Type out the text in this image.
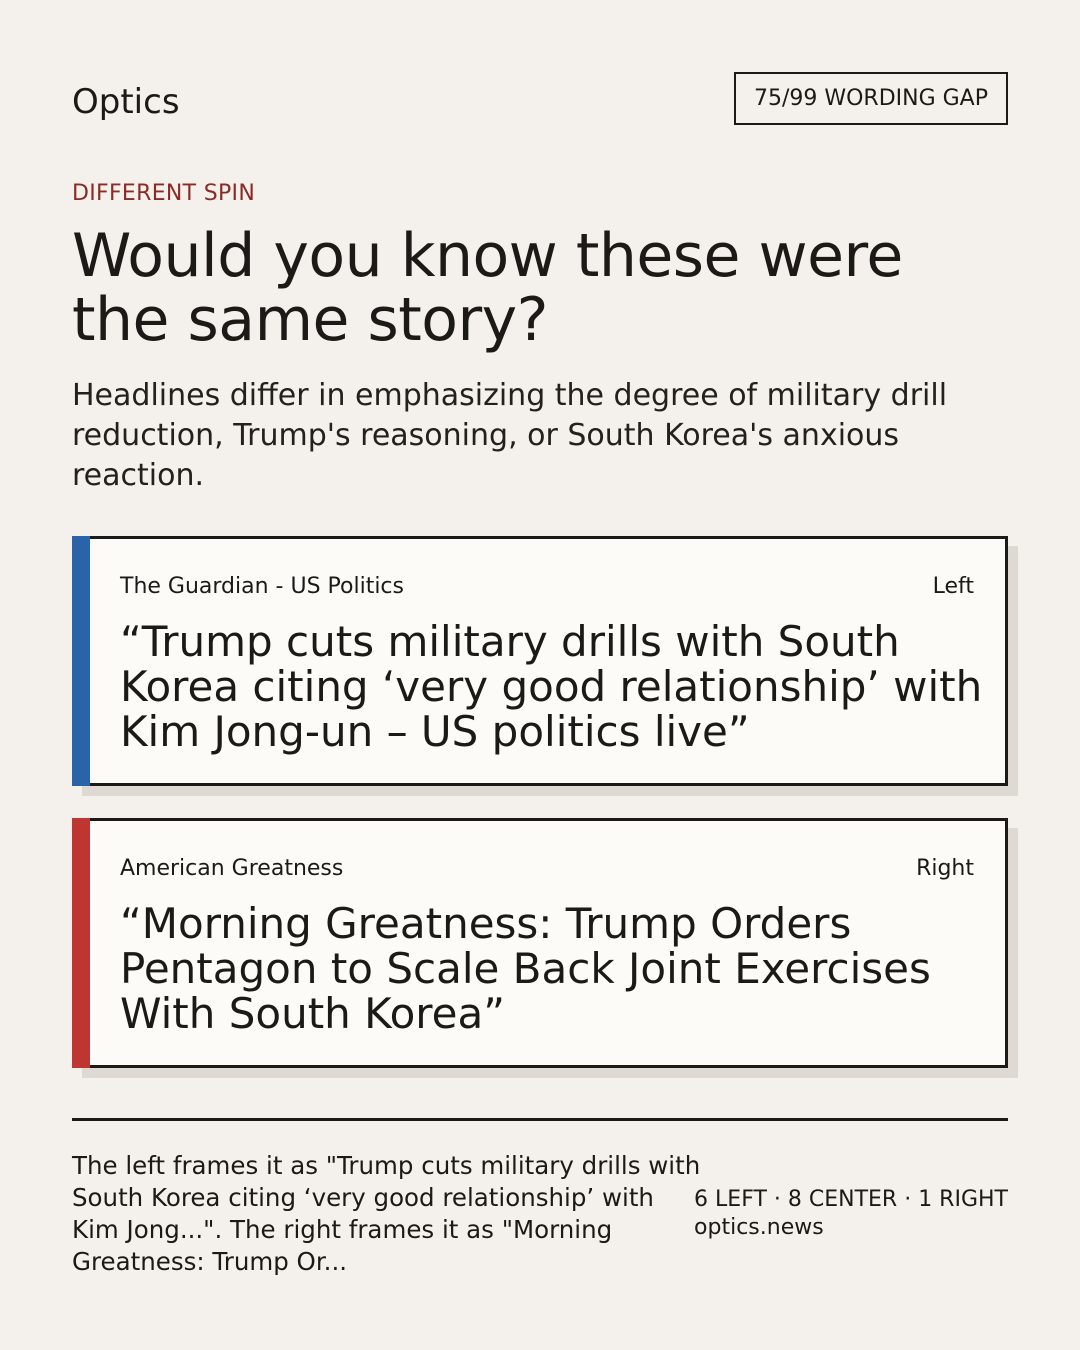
Optics	75/99 WORDING GAP
DIFFERENT SPIN
Would you know these were the same story?

Headlines differ in emphasizing the degree of military drill reduction, Trump's reasoning, or South Korea's anxious reaction.

The Guardian - US Politics	Left

“Trump cuts military drills with South Korea citing ‘very good relationship’ with Kim Jong-un – US politics live”

American Greatness	Right

“Morning Greatness: Trump Orders Pentagon to Scale Back Joint Exercises With South Korea”

The left frames it as "Trump cuts military drills with South Korea citing ‘very good relationship’ with Kim Jong...". The right frames it as "Morning Greatness: Trump Or...

6 LEFT · 8 CENTER · 1 RIGHT
optics.news
